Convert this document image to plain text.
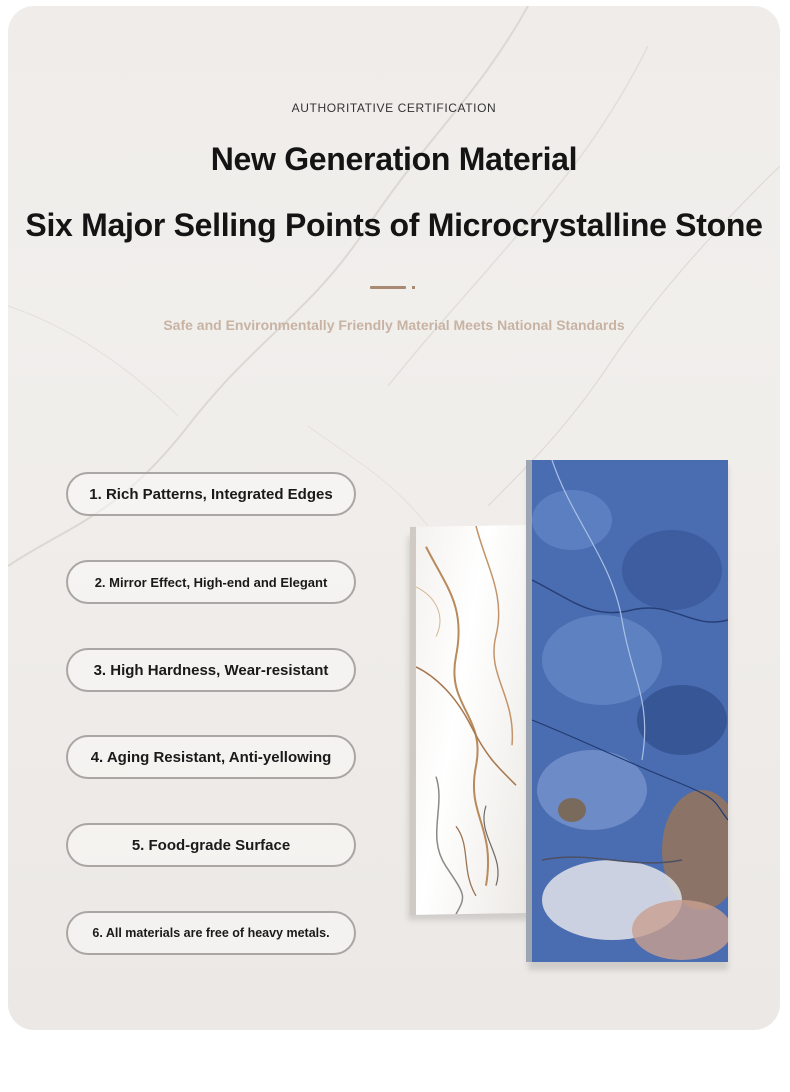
AUTHORITATIVE CERTIFICATION
New Generation Material
Six Major Selling Points of Microcrystalline Stone
Safe and Environmentally Friendly Material Meets National Standards
1. Rich Patterns, Integrated Edges
2. Mirror Effect, High-end and Elegant
3. High Hardness, Wear-resistant
4. Aging Resistant, Anti-yellowing
5. Food-grade Surface
6. All materials are free of heavy metals.
